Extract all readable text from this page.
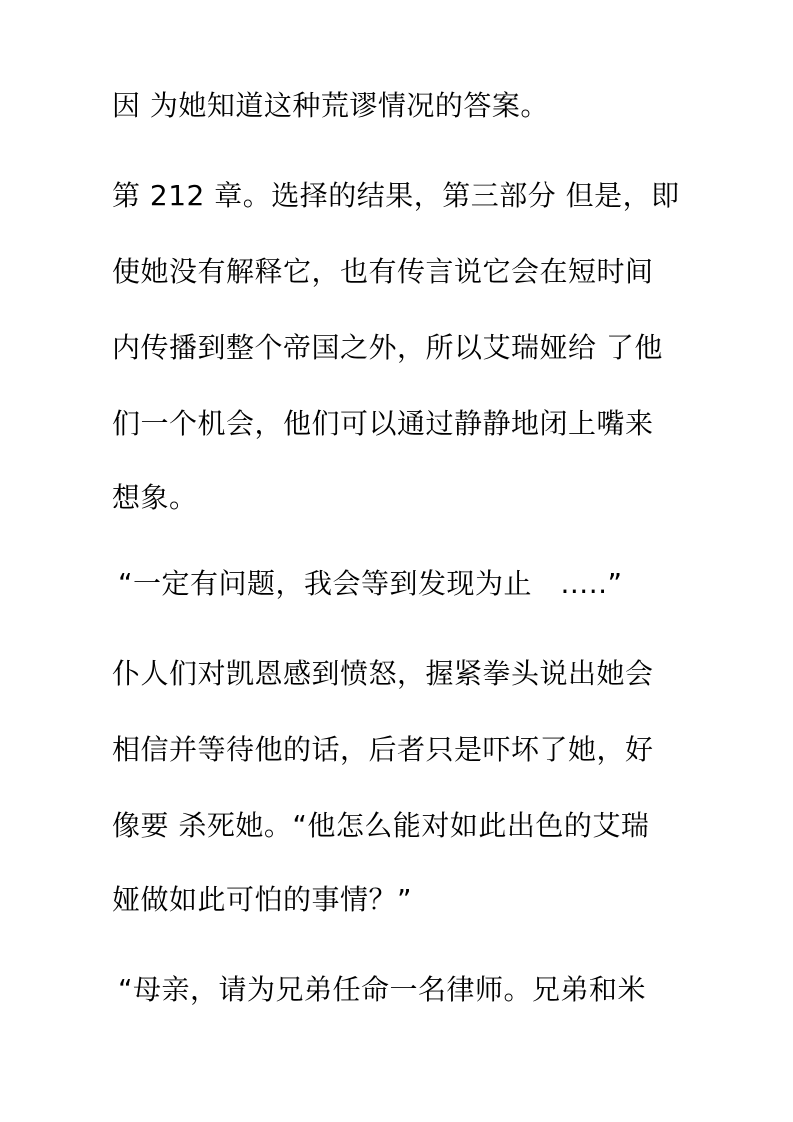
因 为她知道这种荒谬情况的答案。

第 212 章。选择的结果，第三部分 但是，即

使她没有解释它，也有传言说它会在短时间

内传播到整个帝国之外，所以艾瑞娅给 了他

们一个机会，他们可以通过静静地闭上嘴来

想象。

“一定有问题，我会等到发现为止　.....”

仆人们对凯恩感到愤怒，握紧拳头说出她会

相信并等待他的话，后者只是吓坏了她，好

像要 杀死她。“他怎么能对如此出色的艾瑞

娅做如此可怕的事情？”

“母亲，请为兄弟任命一名律师。兄弟和米
